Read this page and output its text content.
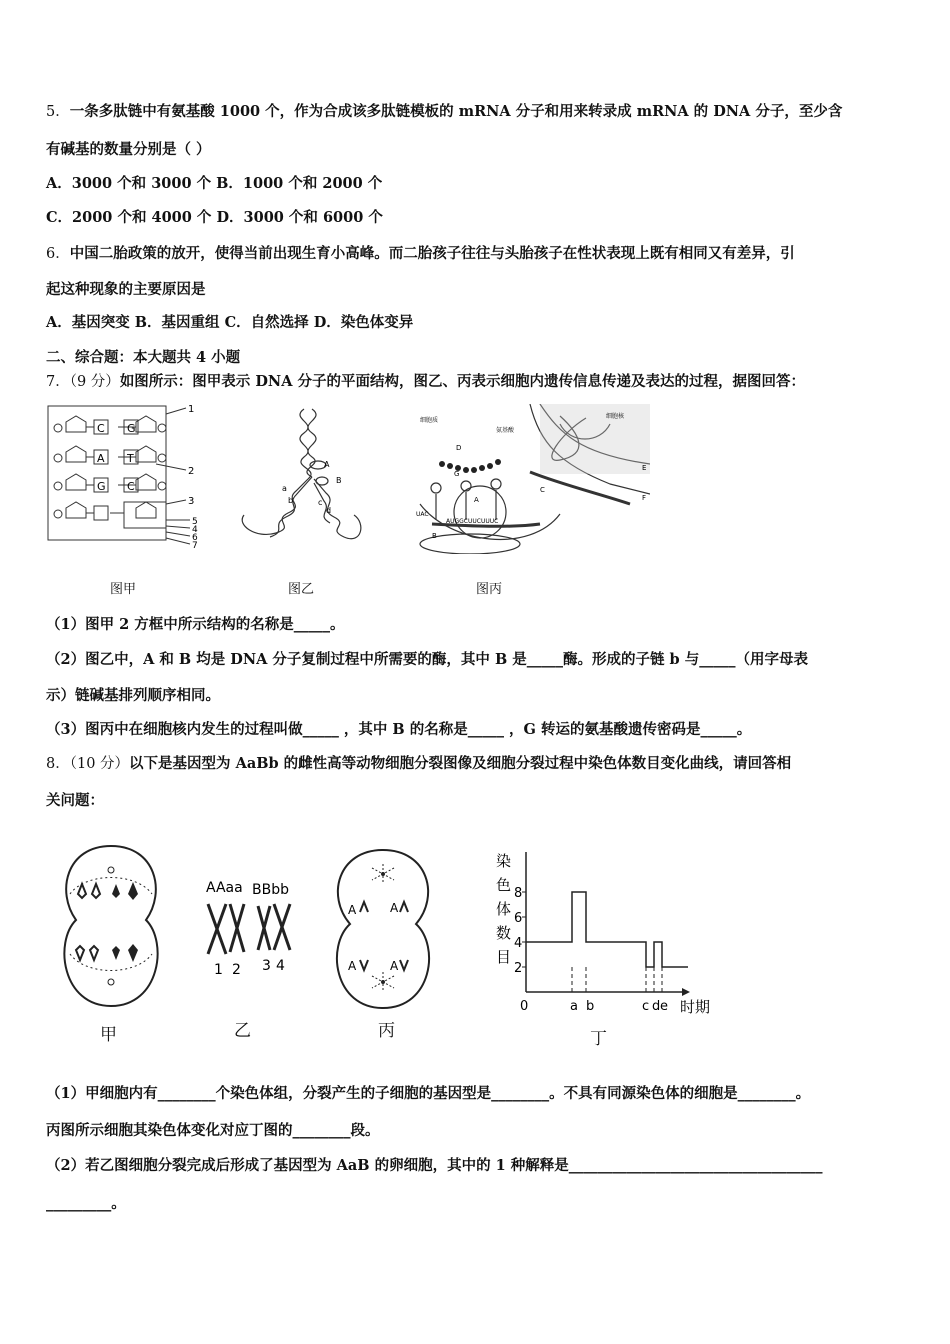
5．一条多肽链中有氨基酸 1000 个，作为合成该多肽链模板的 mRNA 分子和用来转录成 mRNA 的 DNA 分子，至少含
有碱基的数量分别是（ ）
A．3000 个和 3000 个 B．1000 个和 2000 个
C．2000 个和 4000 个 D．3000 个和 6000 个
6．中国二胎政策的放开，使得当前出现生育小高峰。而二胎孩子往往与头胎孩子在性状表现上既有相同又有差异，引
起这种现象的主要原因是
A．基因突变 B．基因重组 C．自然选择 D．染色体变异
二、综合题：本大题共 4 小题
7．（9 分）如图所示：图甲表示 DNA 分子的平面结构，图乙、丙表示细胞内遗传信息传递及表达的过程，据图回答：
C
A
G
G
T
C
1
2
3
5
4
6
7
图甲
A
B
a
b	c
d
图乙
细胞质
氨基酸
细胞核
D
G
C
E
F
UAC
A
B
AUGGCUUCUUUC
图丙
（1）图甲 2 方框中所示结构的名称是_____。
（2）图乙中，A 和 B 均是 DNA 分子复制过程中所需要的酶，其中 B 是_____酶。形成的子链 b 与_____（用字母表
示）链碱基排列顺序相同。
（3）图丙中在细胞核内发生的过程叫做_____ ，其中 B 的名称是_____ ，G 转运的氨基酸遗传密码是_____。
8．（10 分）以下是基因型为 AaBb 的雌性高等动物细胞分裂图像及细胞分裂过程中染色体数目变化曲线，请回答相
关问题：
甲
AAaa BBbb
1 2 3 4
乙
A	A
A	A
丙
染
色
体
数
目
2
4
6
8
0	a b	c d e 时期
丁
（1）甲细胞内有________个染色体组，分裂产生的子细胞的基因型是________。不具有同源染色体的细胞是________。
丙图所示细胞其染色体变化对应丁图的________段。
（2）若乙图细胞分裂完成后形成了基因型为 AaB 的卵细胞，其中的 1 种解释是___________________________________
_________。
